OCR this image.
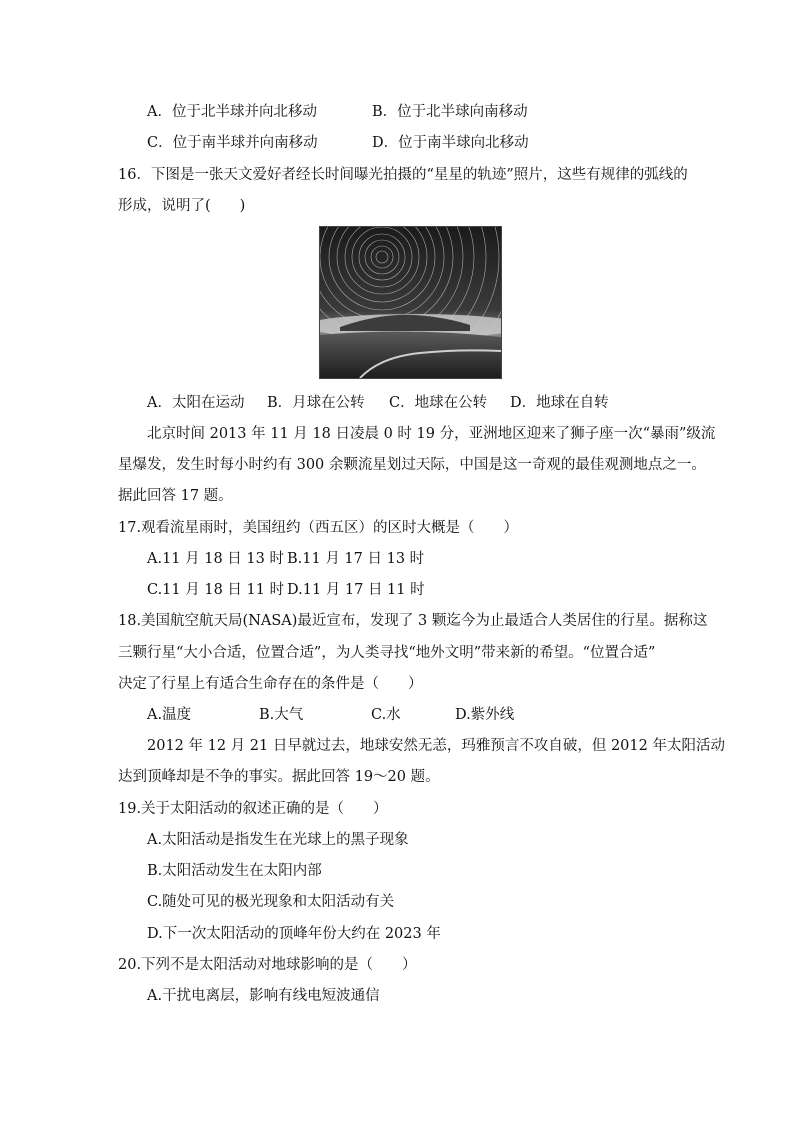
A．位于北半球并向北移动	B．位于北半球向南移动
C．位于南半球并向南移动	D．位于南半球向北移动
16．下图是一张天文爱好者经长时间曝光拍摄的“星星的轨迹”照片，这些有规律的弧线的
形成，说明了(　　)
A．太阳在运动 B．月球在公转 C．地球在公转 D．地球在自转
北京时间 2013 年 11 月 18 日凌晨 0 时 19 分，亚洲地区迎来了狮子座一次“暴雨”级流
星爆发，发生时每小时约有 300 余颗流星划过天际，中国是这一奇观的最佳观测地点之一。
据此回答 17 题。
17.观看流星雨时，美国纽约（西五区）的区时大概是（　　）
A.11 月 18 日 13 时 B.11 月 17 日 13 时
C.11 月 18 日 11 时 D.11 月 17 日 11 时
18.美国航空航天局(NASA)最近宣布，发现了 3 颗迄今为止最适合人类居住的行星。据称这
三颗行星“大小合适，位置合适”，为人类寻找“地外文明”带来新的希望。“位置合适”
决定了行星上有适合生命存在的条件是（　　）
A.温度	B.大气	C.水	D.紫外线
2012 年 12 月 21 日早就过去，地球安然无恙，玛雅预言不攻自破，但 2012 年太阳活动
达到顶峰却是不争的事实。据此回答 19～20 题。
19.关于太阳活动的叙述正确的是（　　）
A.太阳活动是指发生在光球上的黑子现象
B.太阳活动发生在太阳内部
C.随处可见的极光现象和太阳活动有关
D.下一次太阳活动的顶峰年份大约在 2023 年
20.下列不是太阳活动对地球影响的是（　　）
A.干扰电离层，影响有线电短波通信
